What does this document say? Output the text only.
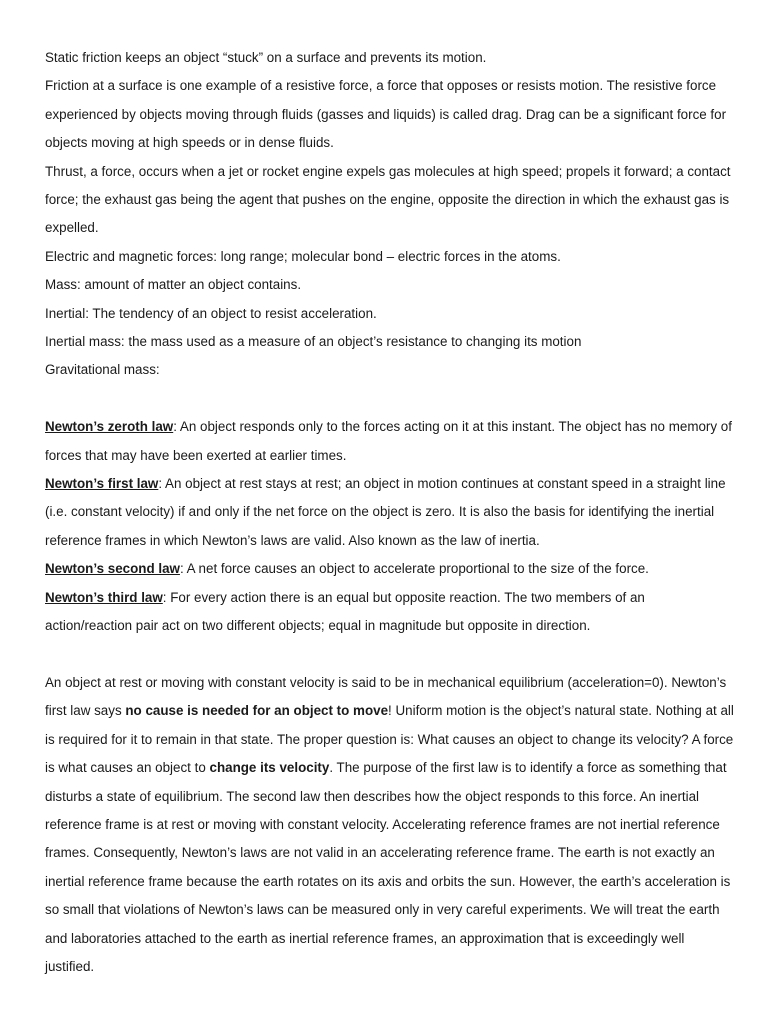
Static friction keeps an object “stuck” on a surface and prevents its motion.

Friction at a surface is one example of a resistive force, a force that opposes or resists motion. The resistive force experienced by objects moving through fluids (gasses and liquids) is called drag. Drag can be a significant force for objects moving at high speeds or in dense fluids.

Thrust, a force, occurs when a jet or rocket engine expels gas molecules at high speed; propels it forward; a contact force; the exhaust gas being the agent that pushes on the engine, opposite the direction in which the exhaust gas is expelled.

Electric and magnetic forces: long range; molecular bond – electric forces in the atoms.

Mass: amount of matter an object contains.

Inertial: The tendency of an object to resist acceleration.

Inertial mass: the mass used as a measure of an object’s resistance to changing its motion

Gravitational mass:

Newton’s zeroth law: An object responds only to the forces acting on it at this instant. The object has no memory of forces that may have been exerted at earlier times.

Newton’s first law: An object at rest stays at rest; an object in motion continues at constant speed in a straight line (i.e. constant velocity) if and only if the net force on the object is zero. It is also the basis for identifying the inertial reference frames in which Newton’s laws are valid. Also known as the law of inertia.

Newton’s second law: A net force causes an object to accelerate proportional to the size of the force.

Newton’s third law: For every action there is an equal but opposite reaction. The two members of an action/reaction pair act on two different objects; equal in magnitude but opposite in direction.

An object at rest or moving with constant velocity is said to be in mechanical equilibrium (acceleration=0). Newton’s first law says no cause is needed for an object to move! Uniform motion is the object’s natural state. Nothing at all is required for it to remain in that state. The proper question is: What causes an object to change its velocity? A force is what causes an object to change its velocity. The purpose of the first law is to identify a force as something that disturbs a state of equilibrium. The second law then describes how the object responds to this force. An inertial reference frame is at rest or moving with constant velocity. Accelerating reference frames are not inertial reference frames. Consequently, Newton’s laws are not valid in an accelerating reference frame. The earth is not exactly an inertial reference frame because the earth rotates on its axis and orbits the sun. However, the earth’s acceleration is so small that violations of Newton’s laws can be measured only in very careful experiments. We will treat the earth and laboratories attached to the earth as inertial reference frames, an approximation that is exceedingly well justified.
